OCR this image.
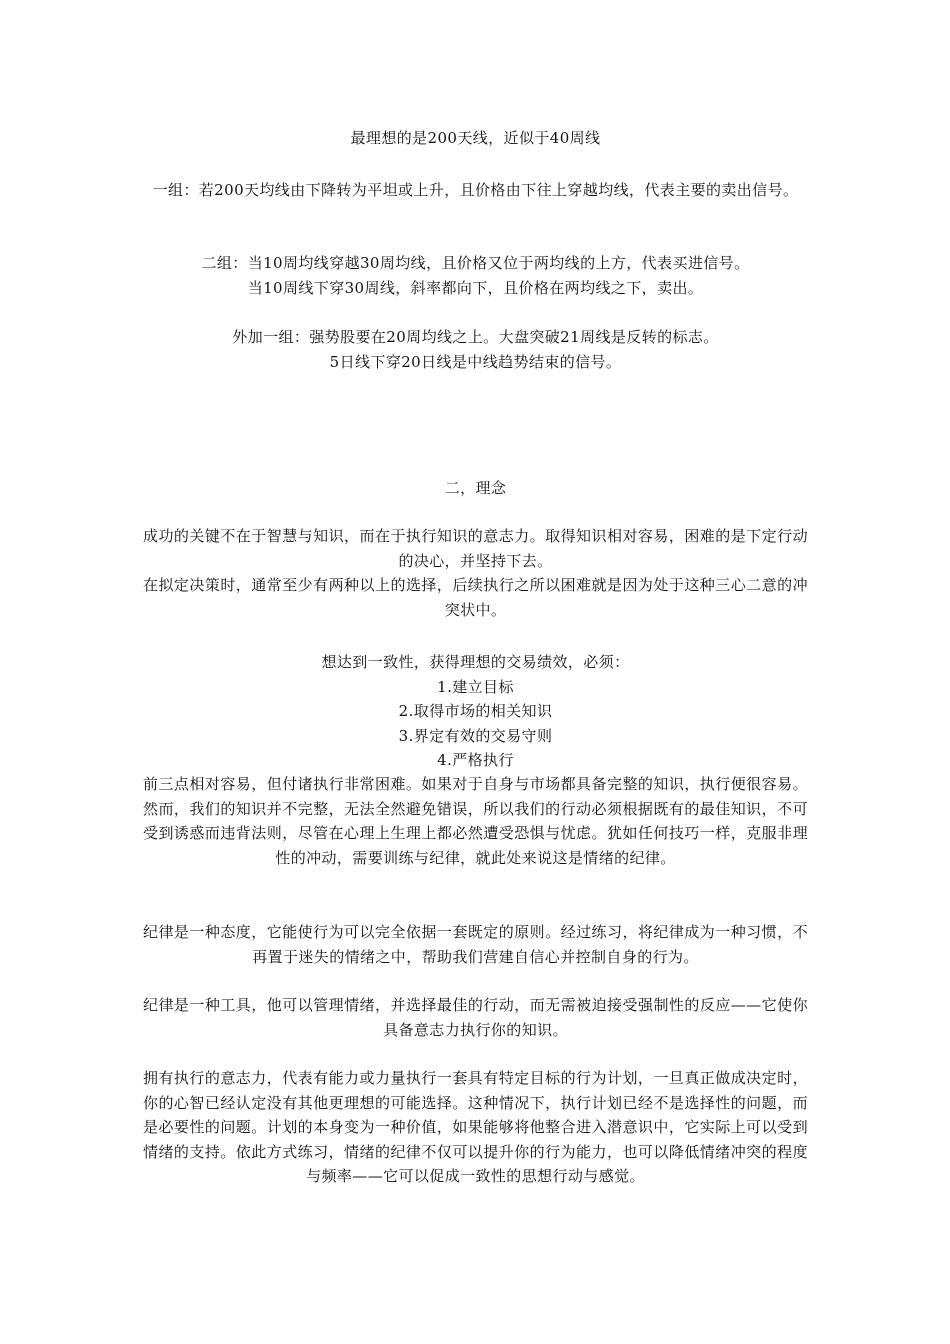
最理想的是200天线，近似于40周线

一组：若200天均线由下降转为平坦或上升，且价格由下往上穿越均线，代表主要的卖出信号。

二组：当10周均线穿越30周均线，且价格又位于两均线的上方，代表买进信号。

当10周线下穿30周线，斜率都向下，且价格在两均线之下，卖出。

外加一组：强势股要在20周均线之上。大盘突破21周线是反转的标志。

5日线下穿20日线是中线趋势结束的信号。

二，理念

成功的关键不在于智慧与知识，而在于执行知识的意志力。取得知识相对容易，困难的是下定行动的决心，并坚持下去。

在拟定决策时，通常至少有两种以上的选择，后续执行之所以困难就是因为处于这种三心二意的冲突状中。

想达到一致性，获得理想的交易绩效，必须：

1.建立目标

2.取得市场的相关知识

3.界定有效的交易守则

4.严格执行

前三点相对容易，但付诸执行非常困难。如果对于自身与市场都具备完整的知识，执行便很容易。然而，我们的知识并不完整，无法全然避免错误，所以我们的行动必须根据既有的最佳知识，不可受到诱惑而违背法则，尽管在心理上生理上都必然遭受恐惧与忧虑。犹如任何技巧一样，克服非理性的冲动，需要训练与纪律，就此处来说这是情绪的纪律。

纪律是一种态度，它能使行为可以完全依据一套既定的原则。经过练习，将纪律成为一种习惯，不再置于迷失的情绪之中，帮助我们营建自信心并控制自身的行为。

纪律是一种工具，他可以管理情绪，并选择最佳的行动，而无需被迫接受强制性的反应——它使你具备意志力执行你的知识。

拥有执行的意志力，代表有能力或力量执行一套具有特定目标的行为计划，一旦真正做成决定时，你的心智已经认定没有其他更理想的可能选择。这种情况下，执行计划已经不是选择性的问题，而是必要性的问题。计划的本身变为一种价值，如果能够将他整合进入潜意识中，它实际上可以受到情绪的支持。依此方式练习，情绪的纪律不仅可以提升你的行为能力，也可以降低情绪冲突的程度与频率——它可以促成一致性的思想行动与感觉。
